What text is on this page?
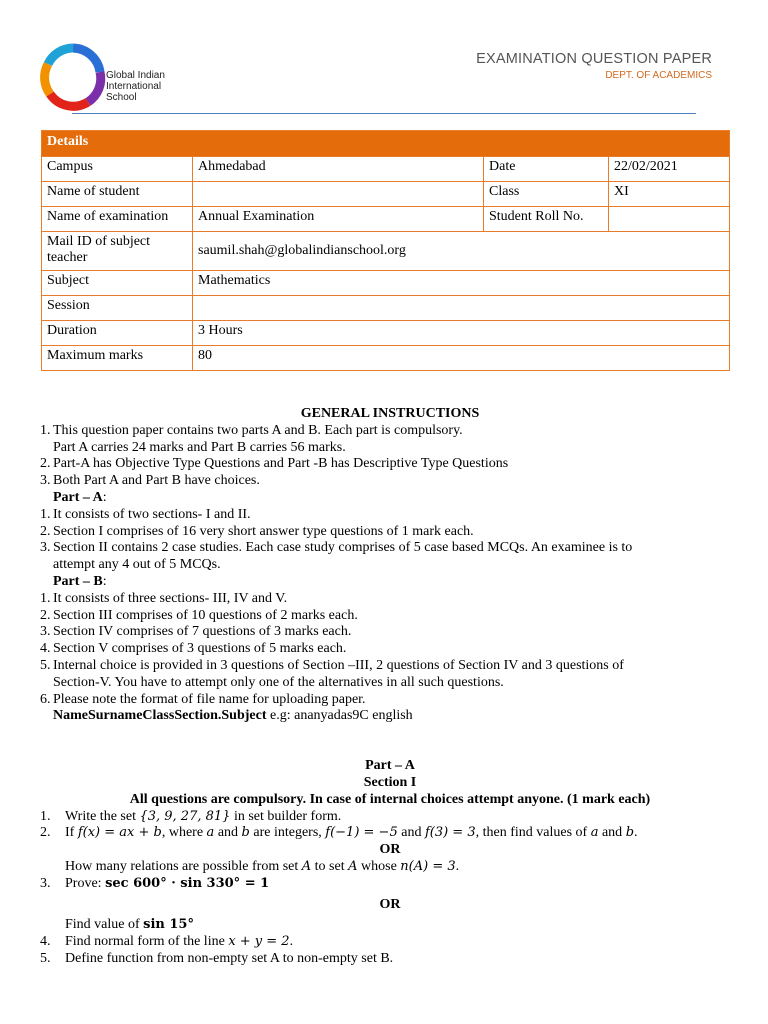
Global Indian
International
School
EXAMINATION QUESTION PAPER
DEPT. OF ACADEMICS
Details			
Campus	Ahmedabad	Date	22/02/2021
Name of student		Class	XI
Name of examination	Annual Examination	Student Roll No.	
Mail ID of subject teacher	saumil.shah@globalindianschool.org		
Subject	Mathematics		
Session			
Duration	3 Hours		
Maximum marks	80		
GENERAL INSTRUCTIONS
1. This question paper contains two parts A and B. Each part is compulsory.
Part A carries 24 marks and Part B carries 56 marks.
2. Part-A has Objective Type Questions and Part -B has Descriptive Type Questions
3. Both Part A and Part B have choices.
Part – A:
1. It consists of two sections- I and II.
2. Section I comprises of 16 very short answer type questions of 1 mark each.
3. Section II contains 2 case studies. Each case study comprises of 5 case based MCQs. An examinee is to
attempt any 4 out of 5 MCQs.
Part – B:
1. It consists of three sections- III, IV and V.
2. Section III comprises of 10 questions of 2 marks each.
3. Section IV comprises of 7 questions of 3 marks each.
4. Section V comprises of 3 questions of 5 marks each.
5. Internal choice is provided in 3 questions of Section –III, 2 questions of Section IV and 3 questions of
Section-V. You have to attempt only one of the alternatives in all such questions.
6. Please note the format of file name for uploading paper.
NameSurnameClassSection.Subject e.g: ananyadas9C english
Part – A
Section I
All questions are compulsory. In case of internal choices attempt anyone. (1 mark each)
1. Write the set {3, 9, 27, 81} in set builder form.
2. If f(x) = ax + b, where a and b are integers, f(−1) = −5 and f(3) = 3, then find values of a and b.
OR
How many relations are possible from set A to set A whose n(A) = 3.
3. Prove: sec 600° · sin 330° = 1
OR
Find value of sin 15°
4. Find normal form of the line x + y = 2.
5. Define function from non-empty set A to non-empty set B.
